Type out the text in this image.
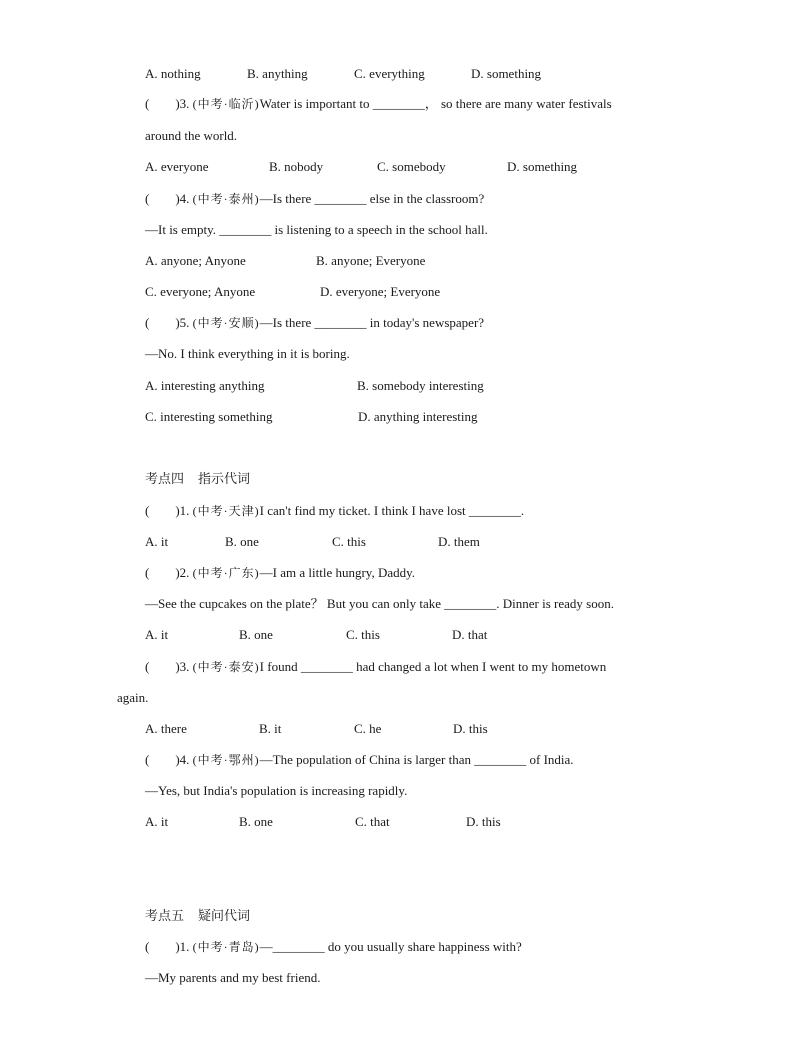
A. nothing	B. anything	C. everything	D. something
(　　)3. (中考·临沂)Water is important to ________， so there are many water festivals
around the world.
A. everyone	B. nobody	C. somebody	D. something
(　　)4. (中考·泰州)—Is there ________ else in the classroom?
—It is empty. ________ is listening to a speech in the school hall.
A. anyone; Anyone	B. anyone; Everyone
C. everyone; Anyone	D. everyone; Everyone
(　　)5. (中考·安顺)—Is there ________ in today's newspaper?
—No. I think everything in it is boring.
A. interesting anything	B. somebody interesting
C. interesting something	D. anything interesting
考点四 指示代词
(　　)1. (中考·天津)I can't find my ticket. I think I have lost ________.
A. it	B. one	C. this	D. them
(　　)2. (中考·广东)—I am a little hungry, Daddy.
—See the cupcakes on the plate？ But you can only take ________. Dinner is ready soon.
A. it	B. one	C. this	D. that
(　　)3. (中考·泰安)I found ________ had changed a lot when I went to my hometown
again.
A. there	B. it	C. he	D. this
(　　)4. (中考·鄂州)—The population of China is larger than ________ of India.
—Yes, but India's population is increasing rapidly.
A. it	B. one	C. that	D. this
考点五 疑问代词
(　　)1. (中考·青岛)—________ do you usually share happiness with?
—My parents and my best friend.
